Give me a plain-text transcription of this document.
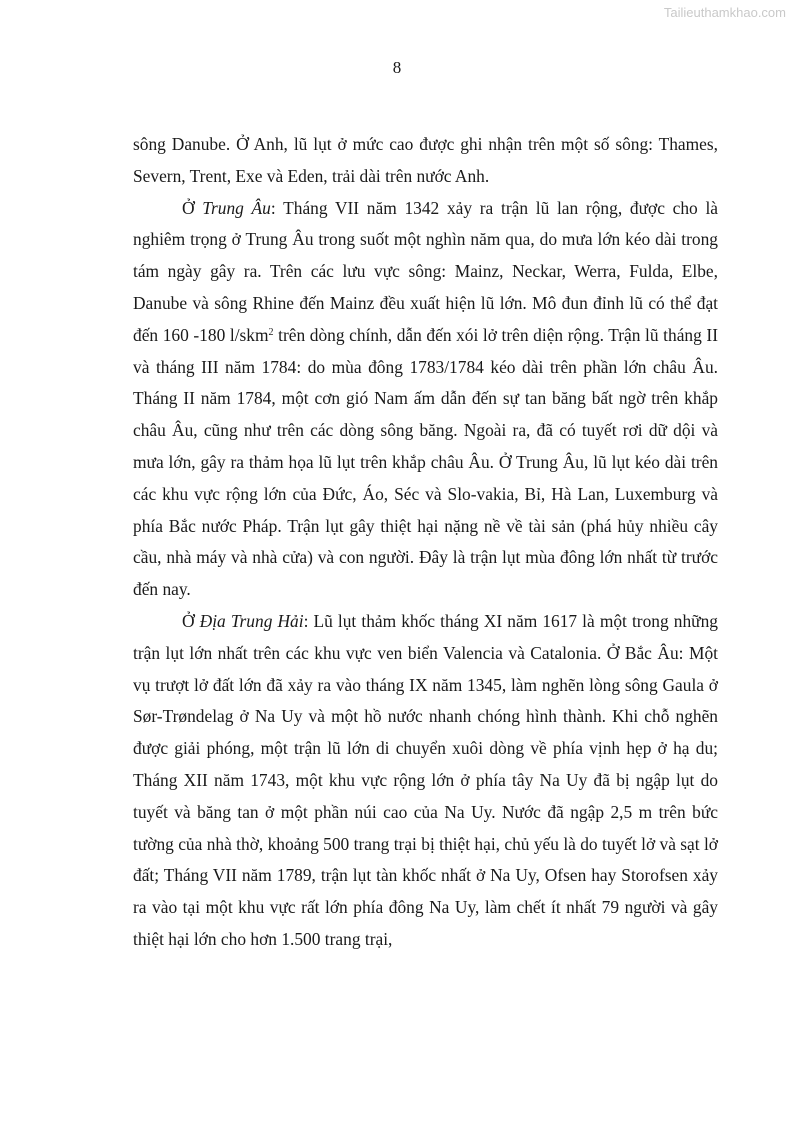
Tailieuthamkhao.com
8

sông Danube. Ở Anh, lũ lụt ở mức cao được ghi nhận trên một số sông: Thames, Severn, Trent, Exe và Eden, trải dài trên nước Anh.

Ở Trung Âu: Tháng VII năm 1342 xảy ra trận lũ lan rộng, được cho là nghiêm trọng ở Trung Âu trong suốt một nghìn năm qua, do mưa lớn kéo dài trong tám ngày gây ra. Trên các lưu vực sông: Mainz, Neckar, Werra, Fulda, Elbe, Danube và sông Rhine đến Mainz đều xuất hiện lũ lớn. Mô đun đỉnh lũ có thể đạt đến 160 -180 l/skm$^2$ trên dòng chính, dẫn đến xói lở trên diện rộng. Trận lũ tháng II và tháng III năm 1784: do mùa đông 1783/1784 kéo dài trên phần lớn châu Âu. Tháng II năm 1784, một cơn gió Nam ấm dẫn đến sự tan băng bất ngờ trên khắp châu Âu, cũng như trên các dòng sông băng. Ngoài ra, đã có tuyết rơi dữ dội và mưa lớn, gây ra thảm họa lũ lụt trên khắp châu Âu. Ở Trung Âu, lũ lụt kéo dài trên các khu vực rộng lớn của Đức, Áo, Séc và Slo-vakia, Bỉ, Hà Lan, Luxemburg và phía Bắc nước Pháp. Trận lụt gây thiệt hại nặng nề về tài sản (phá hủy nhiều cây cầu, nhà máy và nhà cửa) và con người. Đây là trận lụt mùa đông lớn nhất từ trước đến nay.

Ở Địa Trung Hải: Lũ lụt thảm khốc tháng XI năm 1617 là một trong những trận lụt lớn nhất trên các khu vực ven biển Valencia và Catalonia. Ở Bắc Âu: Một vụ trượt lở đất lớn đã xảy ra vào tháng IX năm 1345, làm nghẽn lòng sông Gaula ở Sør-Trøndelag ở Na Uy và một hồ nước nhanh chóng hình thành. Khi chỗ nghẽn được giải phóng, một trận lũ lớn di chuyển xuôi dòng về phía vịnh hẹp ở hạ du; Tháng XII năm 1743, một khu vực rộng lớn ở phía tây Na Uy đã bị ngập lụt do tuyết và băng tan ở một phần núi cao của Na Uy. Nước đã ngập 2,5 m trên bức tường của nhà thờ, khoảng 500 trang trại bị thiệt hại, chủ yếu là do tuyết lở và sạt lở đất; Tháng VII năm 1789, trận lụt tàn khốc nhất ở Na Uy, Ofsen hay Storofsen xảy ra vào tại một khu vực rất lớn phía đông Na Uy, làm chết ít nhất 79 người và gây thiệt hại lớn cho hơn 1.500 trang trại,
